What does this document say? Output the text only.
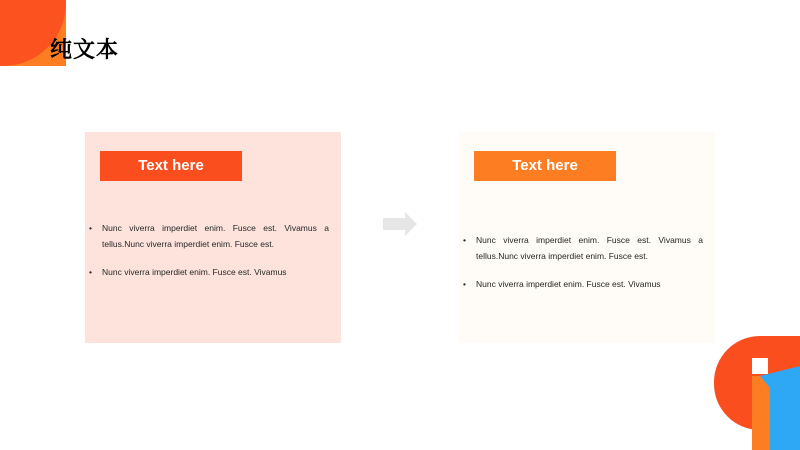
纯文本
Text here
• Nunc viverra imperdiet enim. Fusce est. Vivamus a tellus.Nunc viverra imperdiet enim. Fusce est.
• Nunc viverra imperdiet enim. Fusce est. Vivamus
Text here
• Nunc viverra imperdiet enim. Fusce est. Vivamus a tellus.Nunc viverra imperdiet enim. Fusce est.
• Nunc viverra imperdiet enim. Fusce est. Vivamus
